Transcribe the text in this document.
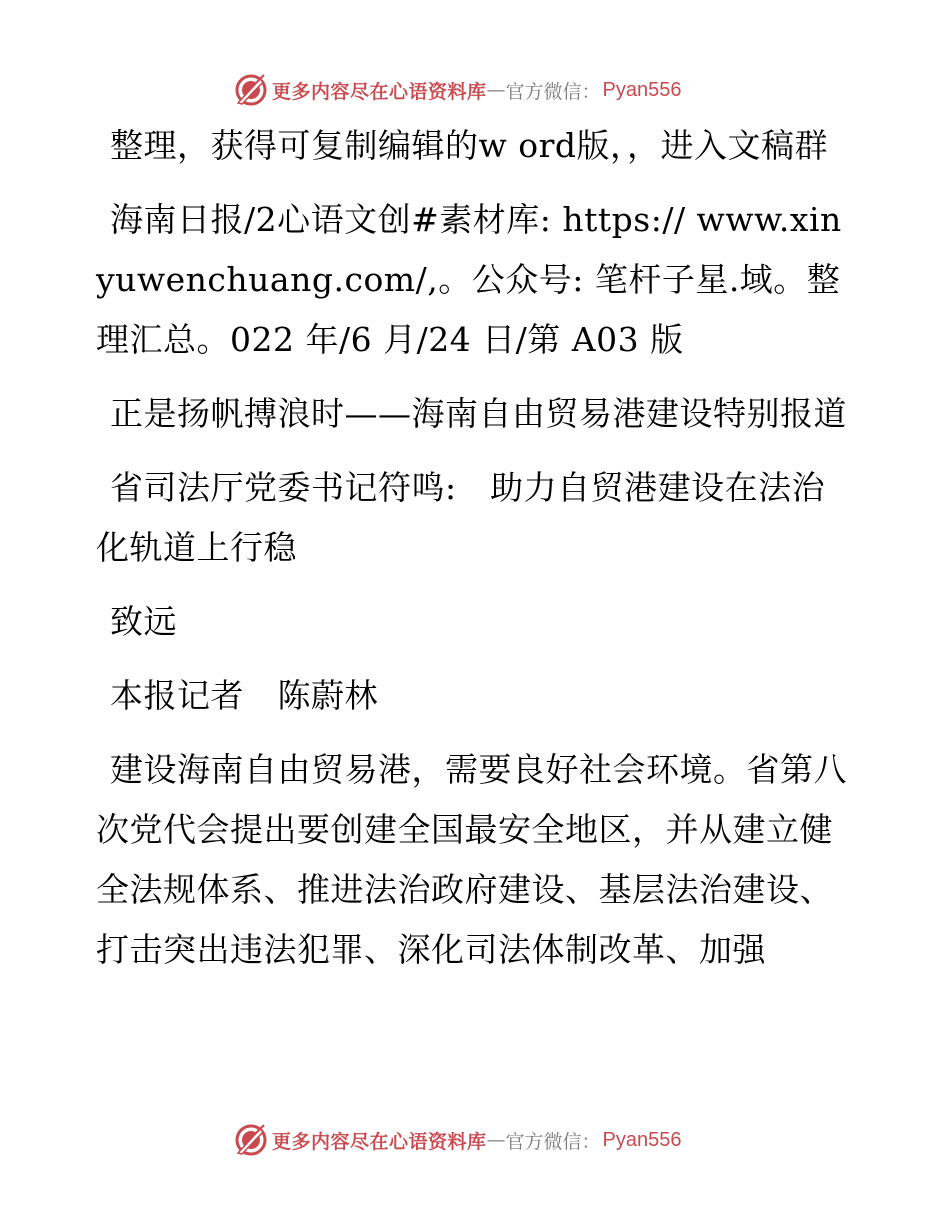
更多内容尽在心语资料库 — 官方微信： Pyan556

整理，获得可复制编辑的w ord版，，进入文稿群

海南日报/2心语文创#素材库: https:// www.xinyuwenchuang.com/,。公众号: 笔杆子星.域。整理汇总。022 年/6 月/24 日/第 A03 版

正是扬帆搏浪时——海南自由贸易港建设特别报道

省司法厅党委书记符鸣:　助力自贸港建设在法治化轨道上行稳

致远

本报记者　陈蔚林

建设海南自由贸易港，需要良好社会环境。省第八次党代会提出要创建全国最安全地区，并从建立健全法规体系、推进法治政府建设、基层法治建设、打击突出违法犯罪、深化司法体制改革、加强

更多内容尽在心语资料库 — 官方微信： Pyan556
